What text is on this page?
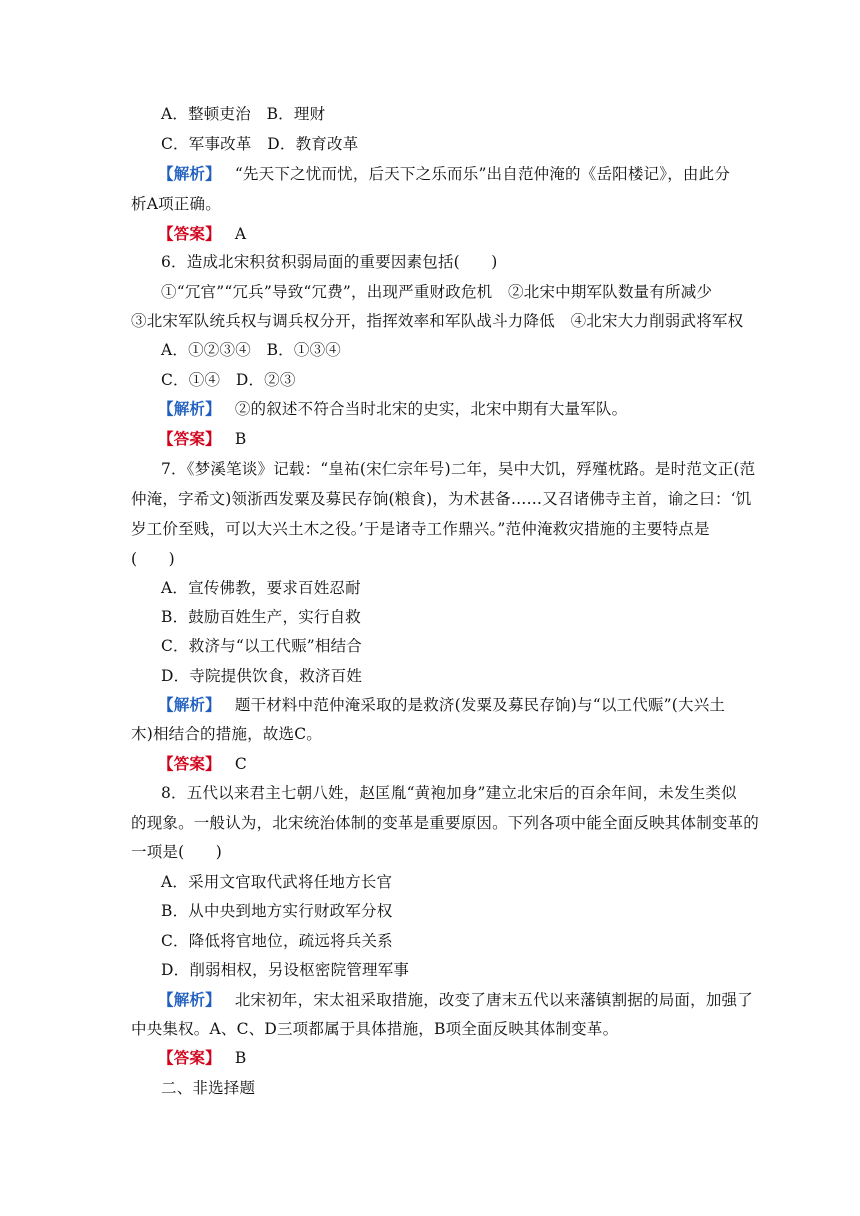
A．整顿吏治　B．理财
C．军事改革　D．教育改革
【解析】 “先天下之忧而忧，后天下之乐而乐”出自范仲淹的《岳阳楼记》，由此分
析A项正确。
【答案】 A
6．造成北宋积贫积弱局面的重要因素包括(　　)
①“冗官”“冗兵”导致“冗费”，出现严重财政危机　②北宋中期军队数量有所减少
③北宋军队统兵权与调兵权分开，指挥效率和军队战斗力降低　④北宋大力削弱武将军权
A．①②③④　B．①③④
C．①④　D．②③
【解析】 ②的叙述不符合当时北宋的史实，北宋中期有大量军队。
【答案】 B
7．《梦溪笔谈》记载：“皇祐(宋仁宗年号)二年，吴中大饥，殍殣枕路。是时范文正(范
仲淹，字希文)领浙西发粟及募民存饷(粮食)，为术甚备……又召诸佛寺主首，谕之曰：‘饥
岁工价至贱，可以大兴土木之役。’于是诸寺工作鼎兴。”范仲淹救灾措施的主要特点是
(　　)
A．宣传佛教，要求百姓忍耐
B．鼓励百姓生产，实行自救
C．救济与“以工代赈”相结合
D．寺院提供饮食，救济百姓
【解析】 题干材料中范仲淹采取的是救济(发粟及募民存饷)与“以工代赈”(大兴土
木)相结合的措施，故选C。
【答案】 C
8．五代以来君主七朝八姓，赵匡胤“黄袍加身”建立北宋后的百余年间，未发生类似
的现象。一般认为，北宋统治体制的变革是重要原因。下列各项中能全面反映其体制变革的
一项是(　　)
A．采用文官取代武将任地方长官
B．从中央到地方实行财政军分权
C．降低将官地位，疏远将兵关系
D．削弱相权，另设枢密院管理军事
【解析】 北宋初年，宋太祖采取措施，改变了唐末五代以来藩镇割据的局面，加强了
中央集权。A、C、D三项都属于具体措施，B项全面反映其体制变革。
【答案】 B
二、非选择题
